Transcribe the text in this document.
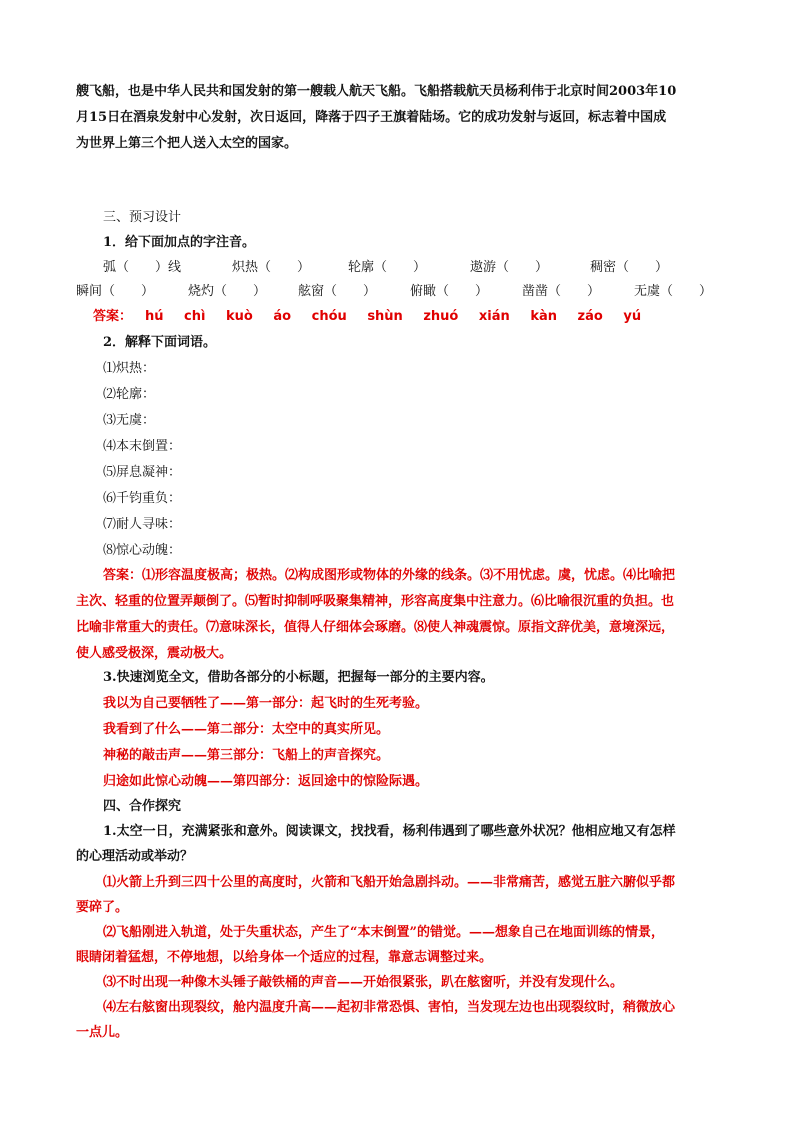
艘飞船，也是中华人民共和国发射的第一艘载人航天飞船。飞船搭载航天员杨利伟于北京时间2003年10
月15日在酒泉发射中心发射，次日返回，降落于四子王旗着陆场。它的成功发射与返回，标志着中国成
为世界上第三个把人送入太空的国家。
三、预习设计
1．给下面加点的字注音。
弧（　　）线	炽热（　　）	轮廓（　　）	遨游（　　）	稠密（　　）
瞬间（　　）	烧灼（　　） 舷窗（　　）	俯瞰（　　）	凿凿（　　）	无虞（　　）
答案： hú chì kuò áo chóu shùn zhuó xián kàn záo yú
2．解释下面词语。
⑴炽热：
⑵轮廓：
⑶无虞：
⑷本末倒置：
⑸屏息凝神：
⑹千钧重负：
⑺耐人寻味：
⑻惊心动魄：
答案：⑴形容温度极高；极热。⑵构成图形或物体的外缘的线条。⑶不用忧虑。虞，忧虑。⑷比喻把
主次、轻重的位置弄颠倒了。⑸暂时抑制呼吸聚集精神，形容高度集中注意力。⑹比喻很沉重的负担。也
比喻非常重大的责任。⑺意味深长，值得人仔细体会琢磨。⑻使人神魂震惊。原指文辞优美，意境深远，
使人感受极深，震动极大。
3.快速浏览全文，借助各部分的小标题，把握每一部分的主要内容。
我以为自己要牺牲了——第一部分：起飞时的生死考验。
我看到了什么——第二部分：太空中的真实所见。
神秘的敲击声——第三部分：飞船上的声音探究。
归途如此惊心动魄——第四部分：返回途中的惊险际遇。
四、合作探究
1.太空一日，充满紧张和意外。阅读课文，找找看，杨利伟遇到了哪些意外状况？他相应地又有怎样
的心理活动或举动？
⑴火箭上升到三四十公里的高度时，火箭和飞船开始急剧抖动。——非常痛苦，感觉五脏六腑似乎都
要碎了。
⑵飞船刚进入轨道，处于失重状态，产生了“本末倒置”的错觉。——想象自己在地面训练的情景，
眼睛闭着猛想，不停地想，以给身体一个适应的过程，靠意志调整过来。
⑶不时出现一种像木头锤子敲铁桶的声音——开始很紧张，趴在舷窗听，并没有发现什么。
⑷左右舷窗出现裂纹，舱内温度升高——起初非常恐惧、害怕，当发现左边也出现裂纹时，稍微放心
一点儿。
